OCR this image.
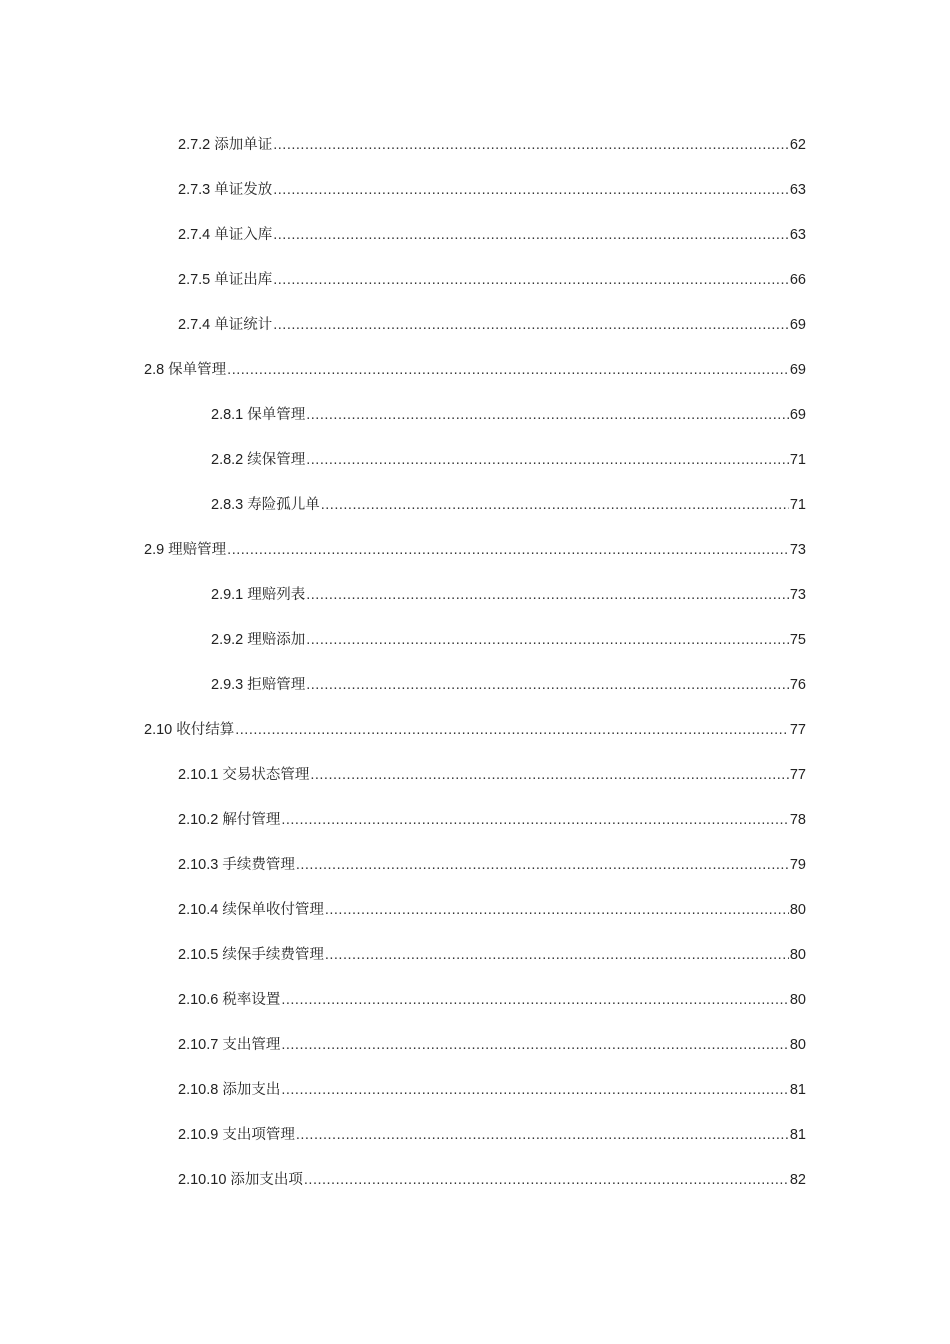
2.7.2 添加单证 .....	62
2.7.3 单证发放 .....	63
2.7.4 单证入库 .....	63
2.7.5 单证出库 .....	66
2.7.4 单证统计 .....	69
2.8 保单管理 .....	69
2.8.1 保单管理 .....	69
2.8.2 续保管理 .....	71
2.8.3 寿险孤儿单 .....	71
2.9 理赔管理 .....	73
2.9.1 理赔列表 .....	73
2.9.2 理赔添加 .....	75
2.9.3 拒赔管理 .....	76
2.10 收付结算 .....	77
2.10.1 交易状态管理 .....	77
2.10.2 解付管理 .....	78
2.10.3 手续费管理 .....	79
2.10.4 续保单收付管理 .....	80
2.10.5 续保手续费管理 .....	80
2.10.6 税率设置 .....	80
2.10.7 支出管理 .....	80
2.10.8 添加支出 .....	81
2.10.9 支出项管理 .....	81
2.10.10 添加支出项 .....	82
